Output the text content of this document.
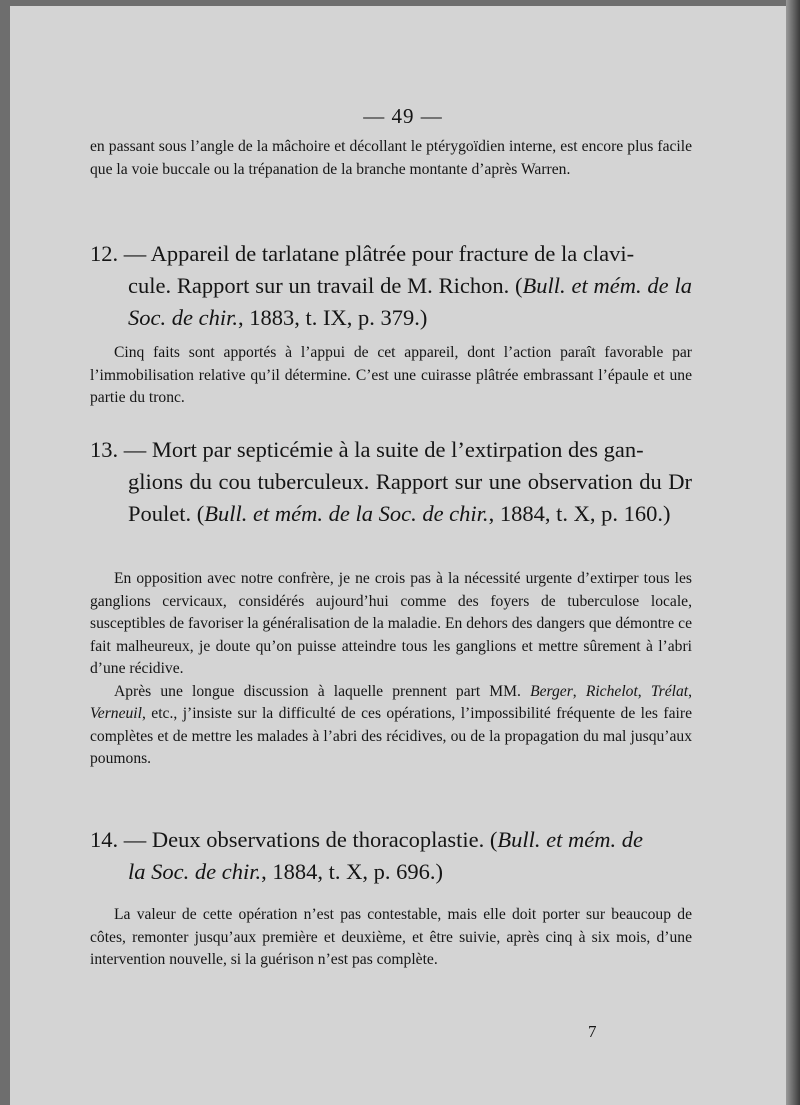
— 49 —

en passant sous l’angle de la mâchoire et décollant le ptérygoïdien interne, est encore plus facile que la voie buccale ou la trépanation de la branche montante d’après Warren.

12. — Appareil de tarlatane plâtrée pour fracture de la clavi-
cule. Rapport sur un travail de M. Richon. (Bull. et mém. de la Soc. de chir., 1883, t. IX, p. 379.)

Cinq faits sont apportés à l’appui de cet appareil, dont l’action paraît favorable par l’immobilisation relative qu’il détermine. C’est une cuirasse plâtrée embrassant l’épaule et une partie du tronc.

13. — Mort par septicémie à la suite de l’extirpation des gan-
glions du cou tuberculeux. Rapport sur une observation du Dr Poulet. (Bull. et mém. de la Soc. de chir., 1884, t. X, p. 160.)

En opposition avec notre confrère, je ne crois pas à la nécessité urgente d’extirper tous les ganglions cervicaux, considérés aujourd’hui comme des foyers de tuberculose locale, susceptibles de favoriser la généralisation de la maladie. En dehors des dangers que démontre ce fait malheureux, je doute qu’on puisse atteindre tous les ganglions et mettre sûrement à l’abri d’une récidive.

Après une longue discussion à laquelle prennent part MM. Berger, Richelot, Trélat, Verneuil, etc., j’insiste sur la difficulté de ces opérations, l’impossibilité fréquente de les faire complètes et de mettre les malades à l’abri des récidives, ou de la propagation du mal jusqu’aux poumons.

14. — Deux observations de thoracoplastie. (Bull. et mém. de
la Soc. de chir., 1884, t. X, p. 696.)

La valeur de cette opération n’est pas contestable, mais elle doit porter sur beaucoup de côtes, remonter jusqu’aux première et deuxième, et être suivie, après cinq à six mois, d’une intervention nouvelle, si la guérison n’est pas complète.

7
